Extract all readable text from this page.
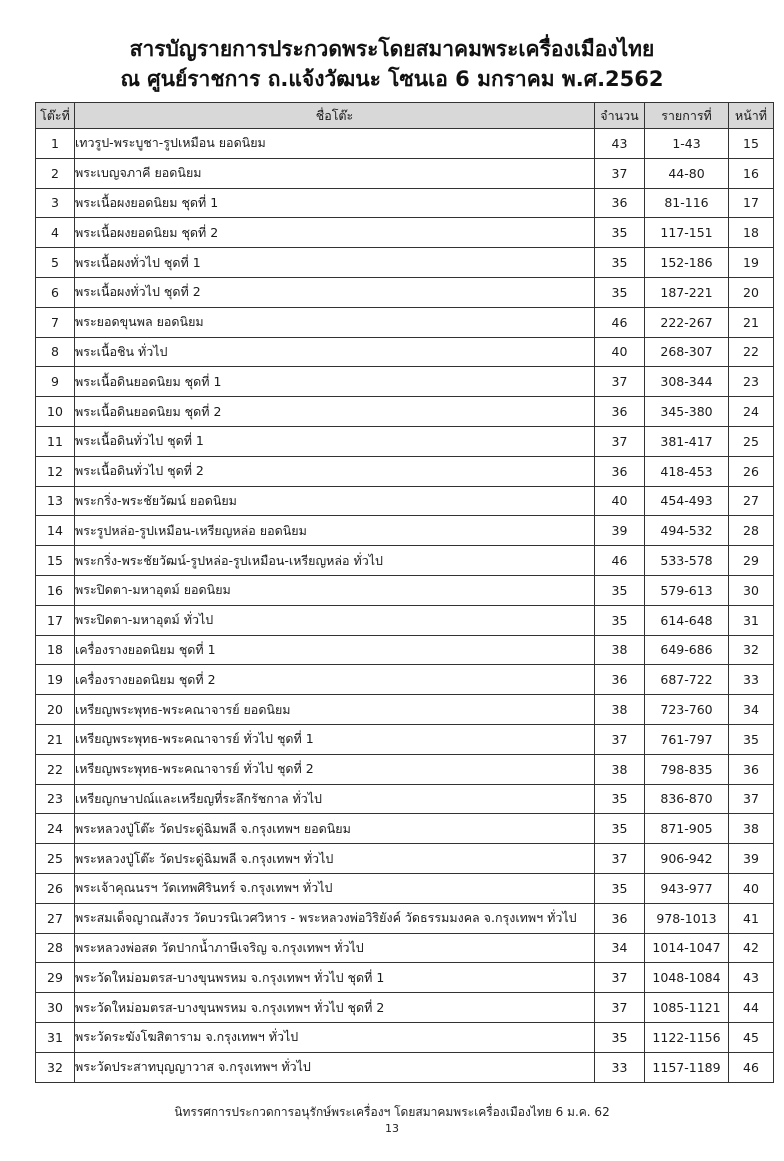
สารบัญรายการประกวดพระโดยสมาคมพระเครื่องเมืองไทย
ณ ศูนย์ราชการ ถ.แจ้งวัฒนะ โซนเอ 6 มกราคม พ.ศ.2562
โต๊ะที่	ชื่อโต๊ะ	จำนวน	รายการที่	หน้าที่
1	เทวรูป-พระบูชา-รูปเหมือน ยอดนิยม	43	1-43	15
2	พระเบญจภาคี ยอดนิยม	37	44-80	16
3	พระเนื้อผงยอดนิยม ชุดที่ 1	36	81-116	17
4	พระเนื้อผงยอดนิยม ชุดที่ 2	35	117-151	18
5	พระเนื้อผงทั่วไป ชุดที่ 1	35	152-186	19
6	พระเนื้อผงทั่วไป ชุดที่ 2	35	187-221	20
7	พระยอดขุนพล ยอดนิยม	46	222-267	21
8	พระเนื้อชิน ทั่วไป	40	268-307	22
9	พระเนื้อดินยอดนิยม ชุดที่ 1	37	308-344	23
10	พระเนื้อดินยอดนิยม ชุดที่ 2	36	345-380	24
11	พระเนื้อดินทั่วไป ชุดที่ 1	37	381-417	25
12	พระเนื้อดินทั่วไป ชุดที่ 2	36	418-453	26
13	พระกริ่ง-พระชัยวัฒน์ ยอดนิยม	40	454-493	27
14	พระรูปหล่อ-รูปเหมือน-เหรียญหล่อ ยอดนิยม	39	494-532	28
15	พระกริ่ง-พระชัยวัฒน์-รูปหล่อ-รูปเหมือน-เหรียญหล่อ ทั่วไป	46	533-578	29
16	พระปิดตา-มหาอุตม์ ยอดนิยม	35	579-613	30
17	พระปิดตา-มหาอุตม์ ทั่วไป	35	614-648	31
18	เครื่องรางยอดนิยม ชุดที่ 1	38	649-686	32
19	เครื่องรางยอดนิยม ชุดที่ 2	36	687-722	33
20	เหรียญพระพุทธ-พระคณาจารย์ ยอดนิยม	38	723-760	34
21	เหรียญพระพุทธ-พระคณาจารย์ ทั่วไป ชุดที่ 1	37	761-797	35
22	เหรียญพระพุทธ-พระคณาจารย์ ทั่วไป ชุดที่ 2	38	798-835	36
23	เหรียญกษาปณ์และเหรียญที่ระลึกรัชกาล ทั่วไป	35	836-870	37
24	พระหลวงปู่โต๊ะ วัดประดู่ฉิมพลี จ.กรุงเทพฯ ยอดนิยม	35	871-905	38
25	พระหลวงปู่โต๊ะ วัดประดู่ฉิมพลี จ.กรุงเทพฯ ทั่วไป	37	906-942	39
26	พระเจ้าคุณนรฯ วัดเทพศิรินทร์ จ.กรุงเทพฯ ทั่วไป	35	943-977	40
27	พระสมเด็จญาณสังวร วัดบวรนิเวศวิหาร - พระหลวงพ่อวิริยังค์ วัดธรรมมงคล จ.กรุงเทพฯ ทั่วไป	36	978-1013	41
28	พระหลวงพ่อสด วัดปากน้ำภาษีเจริญ จ.กรุงเทพฯ ทั่วไป	34	1014-1047	42
29	พระวัดใหม่อมตรส-บางขุนพรหม จ.กรุงเทพฯ ทั่วไป ชุดที่ 1	37	1048-1084	43
30	พระวัดใหม่อมตรส-บางขุนพรหม จ.กรุงเทพฯ ทั่วไป ชุดที่ 2	37	1085-1121	44
31	พระวัดระฆังโฆสิตาราม จ.กรุงเทพฯ ทั่วไป	35	1122-1156	45
32	พระวัดประสาทบุญญาวาส จ.กรุงเทพฯ ทั่วไป	33	1157-1189	46
นิทรรศการประกวดการอนุรักษ์พระเครื่องฯ โดยสมาคมพระเครื่องเมืองไทย 6 ม.ค. 62
13
